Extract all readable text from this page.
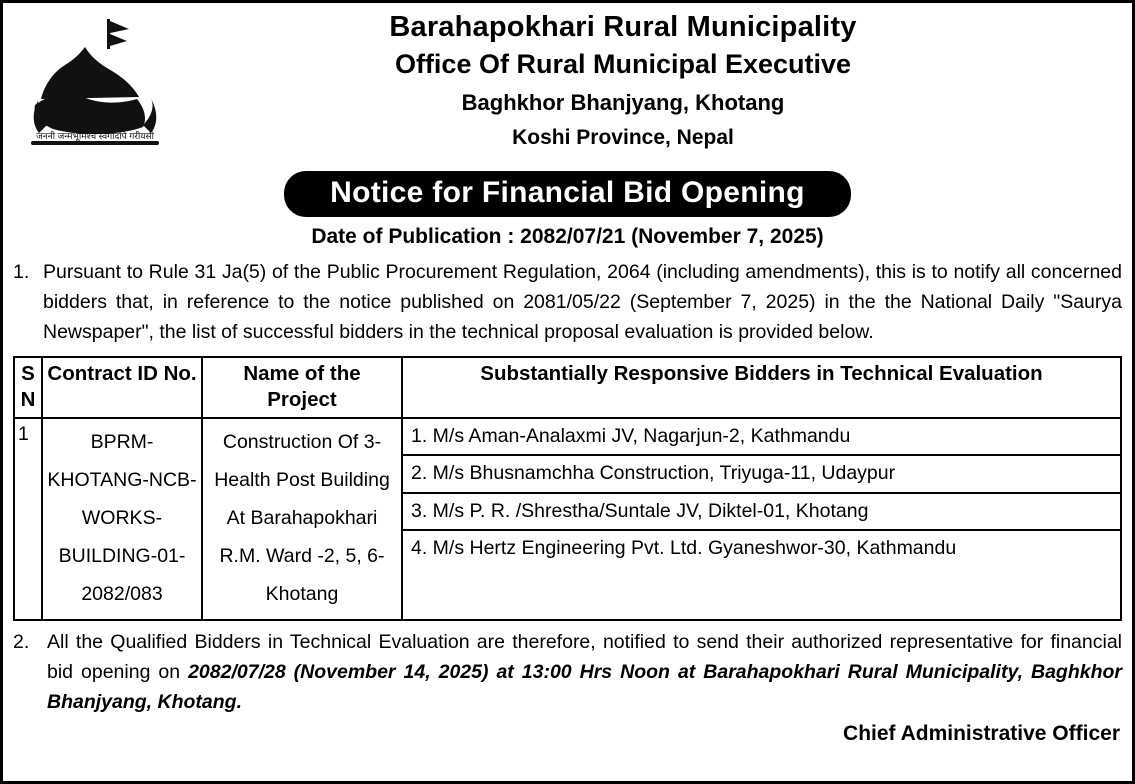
जननी जन्मभूमिश्च स्वर्गादपि गरीयसी
Barahapokhari Rural Municipality
Office Of Rural Municipal Executive
Baghkhor Bhanjyang, Khotang
Koshi Province, Nepal
Notice for Financial Bid Opening
Date of Publication : 2082/07/21 (November 7, 2025)
1. Pursuant to Rule 31 Ja(5) of the Public Procurement Regulation, 2064 (including amendments), this is to notify all concerned bidders that, in reference to the notice published on 2081/05/22 (September 7, 2025) in the the National Daily "Saurya Newspaper", the list of successful bidders in the technical proposal evaluation is provided below.
S N	Contract ID No.	Name of the Project	Substantially Responsive Bidders in Technical Evaluation
1	BPRM-KHOTANG-NCB-WORKS-BUILDING-01-2082/083	Construction Of 3-Health Post Building At Barahapokhari R.M. Ward -2, 5, 6- Khotang	1. M/s Aman-Analaxmi JV, Nagarjun-2, Kathmandu
2. M/s Bhusnamchha Construction, Triyuga-11, Udaypur
3. M/s P. R. /Shrestha/Suntale JV, Diktel-01, Khotang
4. M/s Hertz Engineering Pvt. Ltd. Gyaneshwor-30, Kathmandu
2. All the Qualified Bidders in Technical Evaluation are therefore, notified to send their authorized representative for financial bid opening on 2082/07/28 (November 14, 2025) at 13:00 Hrs Noon at Barahapokhari Rural Municipality, Baghkhor Bhanjyang, Khotang.
Chief Administrative Officer
